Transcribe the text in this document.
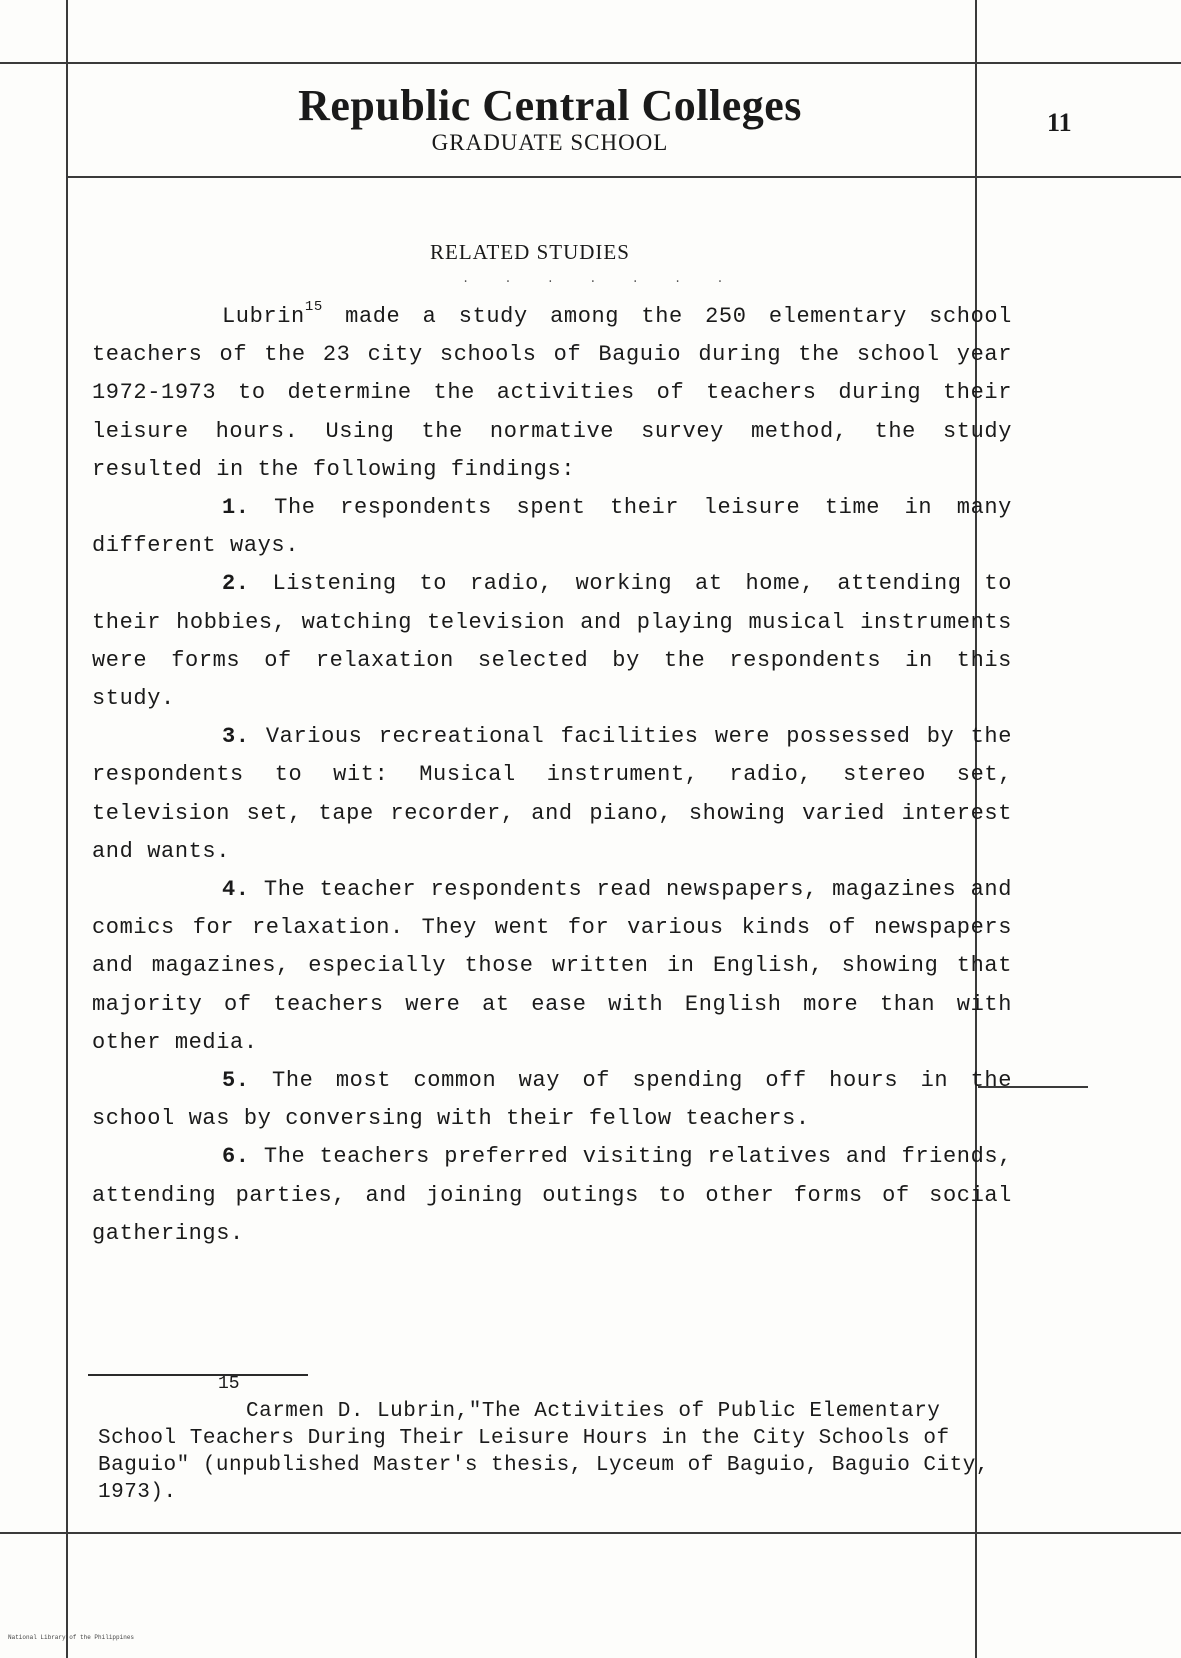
Republic Central Colleges
GRADUATE SCHOOL
11
RELATED STUDIES
. . . . . . .

Lubrin$^{15}$ made a study among the 250 elementary school teachers of the 23 city schools of Baguio during the school year 1972-1973 to determine the activities of teachers during their leisure hours. Using the normative survey method, the study resulted in the following findings:

1. The respondents spent their leisure time in many different ways.

2. Listening to radio, working at home, attending to their hobbies, watching television and playing musical instruments were forms of relaxation selected by the respondents in this study.

3. Various recreational facilities were possessed by the respondents to wit: Musical instrument, radio, stereo set, television set, tape recorder, and piano, showing varied interest and wants.

4. The teacher respondents read newspapers, magazines and comics for relaxation. They went for various kinds of newspapers and magazines, especially those written in English, showing that majority of teachers were at ease with English more than with other media.

5. The most common way of spending off hours in the school was by conversing with their fellow teachers.

6. The teachers preferred visiting relatives and friends, attending parties, and joining outings to other forms of social gatherings.

15
Carmen D. Lubrin,"The Activities of Public Elementary School Teachers During Their Leisure Hours in the City Schools of Baguio" (unpublished Master's thesis, Lyceum of Baguio, Baguio City, 1973).
National Library of the Philippines
